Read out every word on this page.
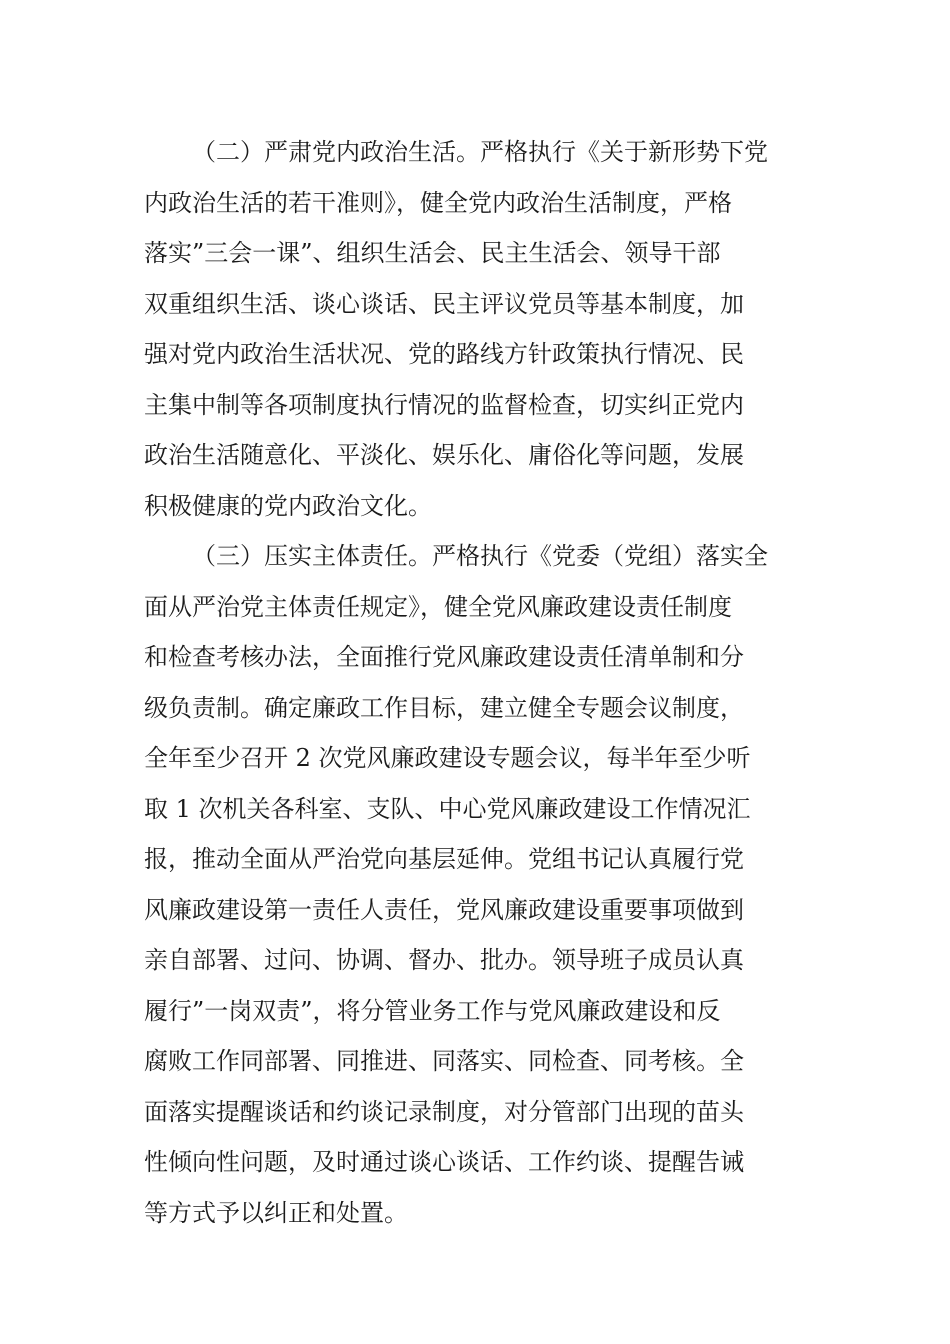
（二）严肃党内政治生活。严格执行《关于新形势下党
内政治生活的若干准则》，健全党内政治生活制度，严格
落实”三会一课”、组织生活会、民主生活会、领导干部
双重组织生活、谈心谈话、民主评议党员等基本制度，加
强对党内政治生活状况、党的路线方针政策执行情况、民
主集中制等各项制度执行情况的监督检查，切实纠正党内
政治生活随意化、平淡化、娱乐化、庸俗化等问题，发展
积极健康的党内政治文化。
（三）压实主体责任。严格执行《党委（党组）落实全
面从严治党主体责任规定》，健全党风廉政建设责任制度
和检查考核办法，全面推行党风廉政建设责任清单制和分
级负责制。确定廉政工作目标，建立健全专题会议制度，
全年至少召开 2 次党风廉政建设专题会议，每半年至少听
取 1 次机关各科室、支队、中心党风廉政建设工作情况汇
报，推动全面从严治党向基层延伸。党组书记认真履行党
风廉政建设第一责任人责任，党风廉政建设重要事项做到
亲自部署、过问、协调、督办、批办。领导班子成员认真
履行”一岗双责”，将分管业务工作与党风廉政建设和反
腐败工作同部署、同推进、同落实、同检查、同考核。全
面落实提醒谈话和约谈记录制度，对分管部门出现的苗头
性倾向性问题，及时通过谈心谈话、工作约谈、提醒告诫
等方式予以纠正和处置。
